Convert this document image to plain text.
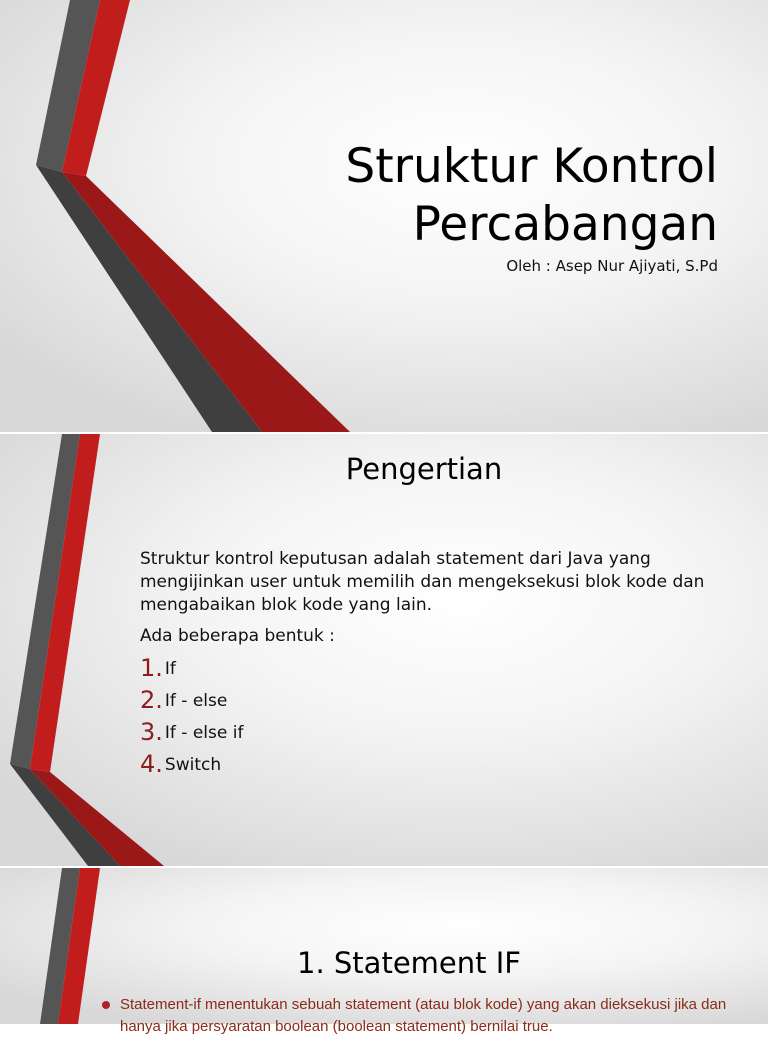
Struktur Kontrol
Percabangan
Oleh : Asep Nur Ajiyati, S.Pd
Pengertian

Struktur kontrol keputusan adalah statement dari Java yang mengijinkan user untuk memilih dan mengeksekusi blok kode dan mengabaikan blok kode yang lain.

Ada beberapa bentuk :

1. If
2. If - else
3. If - else if
4. Switch
1. Statement IF
Statement-if menentukan sebuah statement (atau blok kode) yang akan dieksekusi jika dan hanya jika persyaratan boolean (boolean statement) bernilai true.
